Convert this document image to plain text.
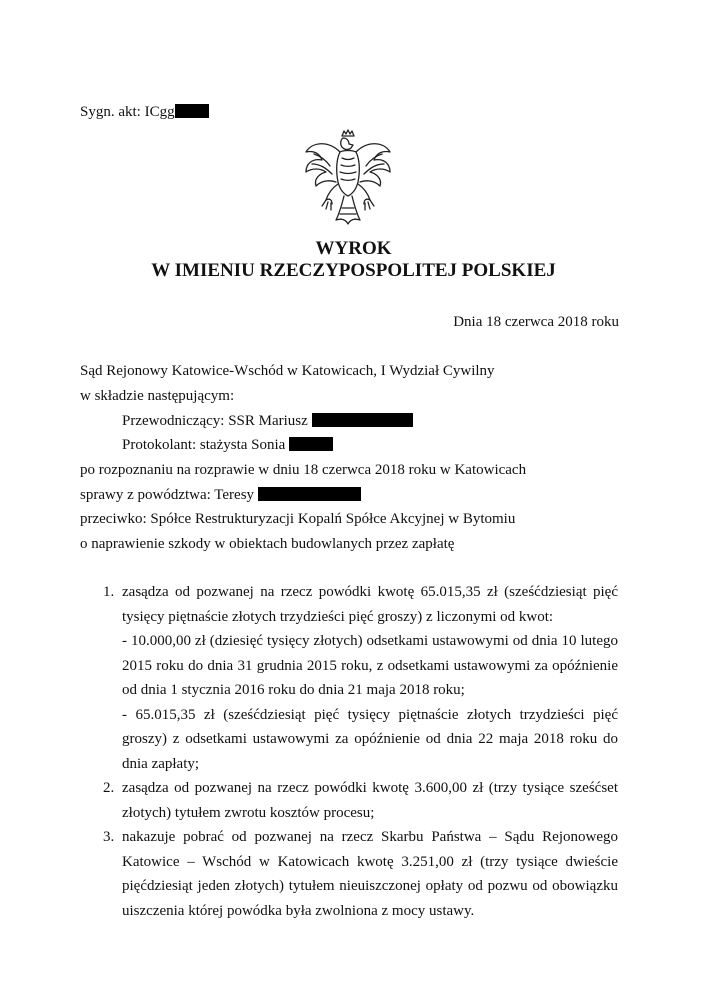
Sygn. akt: ICgg
WYROK
W IMIENIU RZECZYPOSPOLITEJ POLSKIEJ
Dnia 18 czerwca 2018 roku
Sąd Rejonowy Katowice-Wschód w Katowicach, I Wydział Cywilny
w składzie następującym:
Przewodniczący: SSR Mariusz
Protokolant: stażysta Sonia
po rozpoznaniu na rozprawie w dniu 18 czerwca 2018 roku w Katowicach
sprawy z powództwa: Teresy
przeciwko: Spółce Restrukturyzacji Kopalń Spółce Akcyjnej w Bytomiu
o naprawienie szkody w obiektach budowlanych przez zapłatę
1. zasądza od pozwanej na rzecz powódki kwotę 65.015,35 zł (sześćdziesiąt pięć tysięcy piętnaście złotych trzydzieści pięć groszy) z liczonymi od kwot:

- 10.000,00 zł (dziesięć tysięcy złotych) odsetkami ustawowymi od dnia 10 lutego 2015 roku do dnia 31 grudnia 2015 roku, z odsetkami ustawowymi za opóźnienie od dnia 1 stycznia 2016 roku do dnia 21 maja 2018 roku;

- 65.015,35 zł (sześćdziesiąt pięć tysięcy piętnaście złotych trzydzieści pięć groszy) z odsetkami ustawowymi za opóźnienie od dnia 22 maja 2018 roku do dnia zapłaty;

2. zasądza od pozwanej na rzecz powódki kwotę 3.600,00 zł (trzy tysiące sześćset złotych) tytułem zwrotu kosztów procesu;

3. nakazuje pobrać od pozwanej na rzecz Skarbu Państwa – Sądu Rejonowego Katowice – Wschód w Katowicach kwotę 3.251,00 zł (trzy tysiące dwieście pięćdziesiąt jeden złotych) tytułem nieuiszczonej opłaty od pozwu od obowiązku uiszczenia której powódka była zwolniona z mocy ustawy.
